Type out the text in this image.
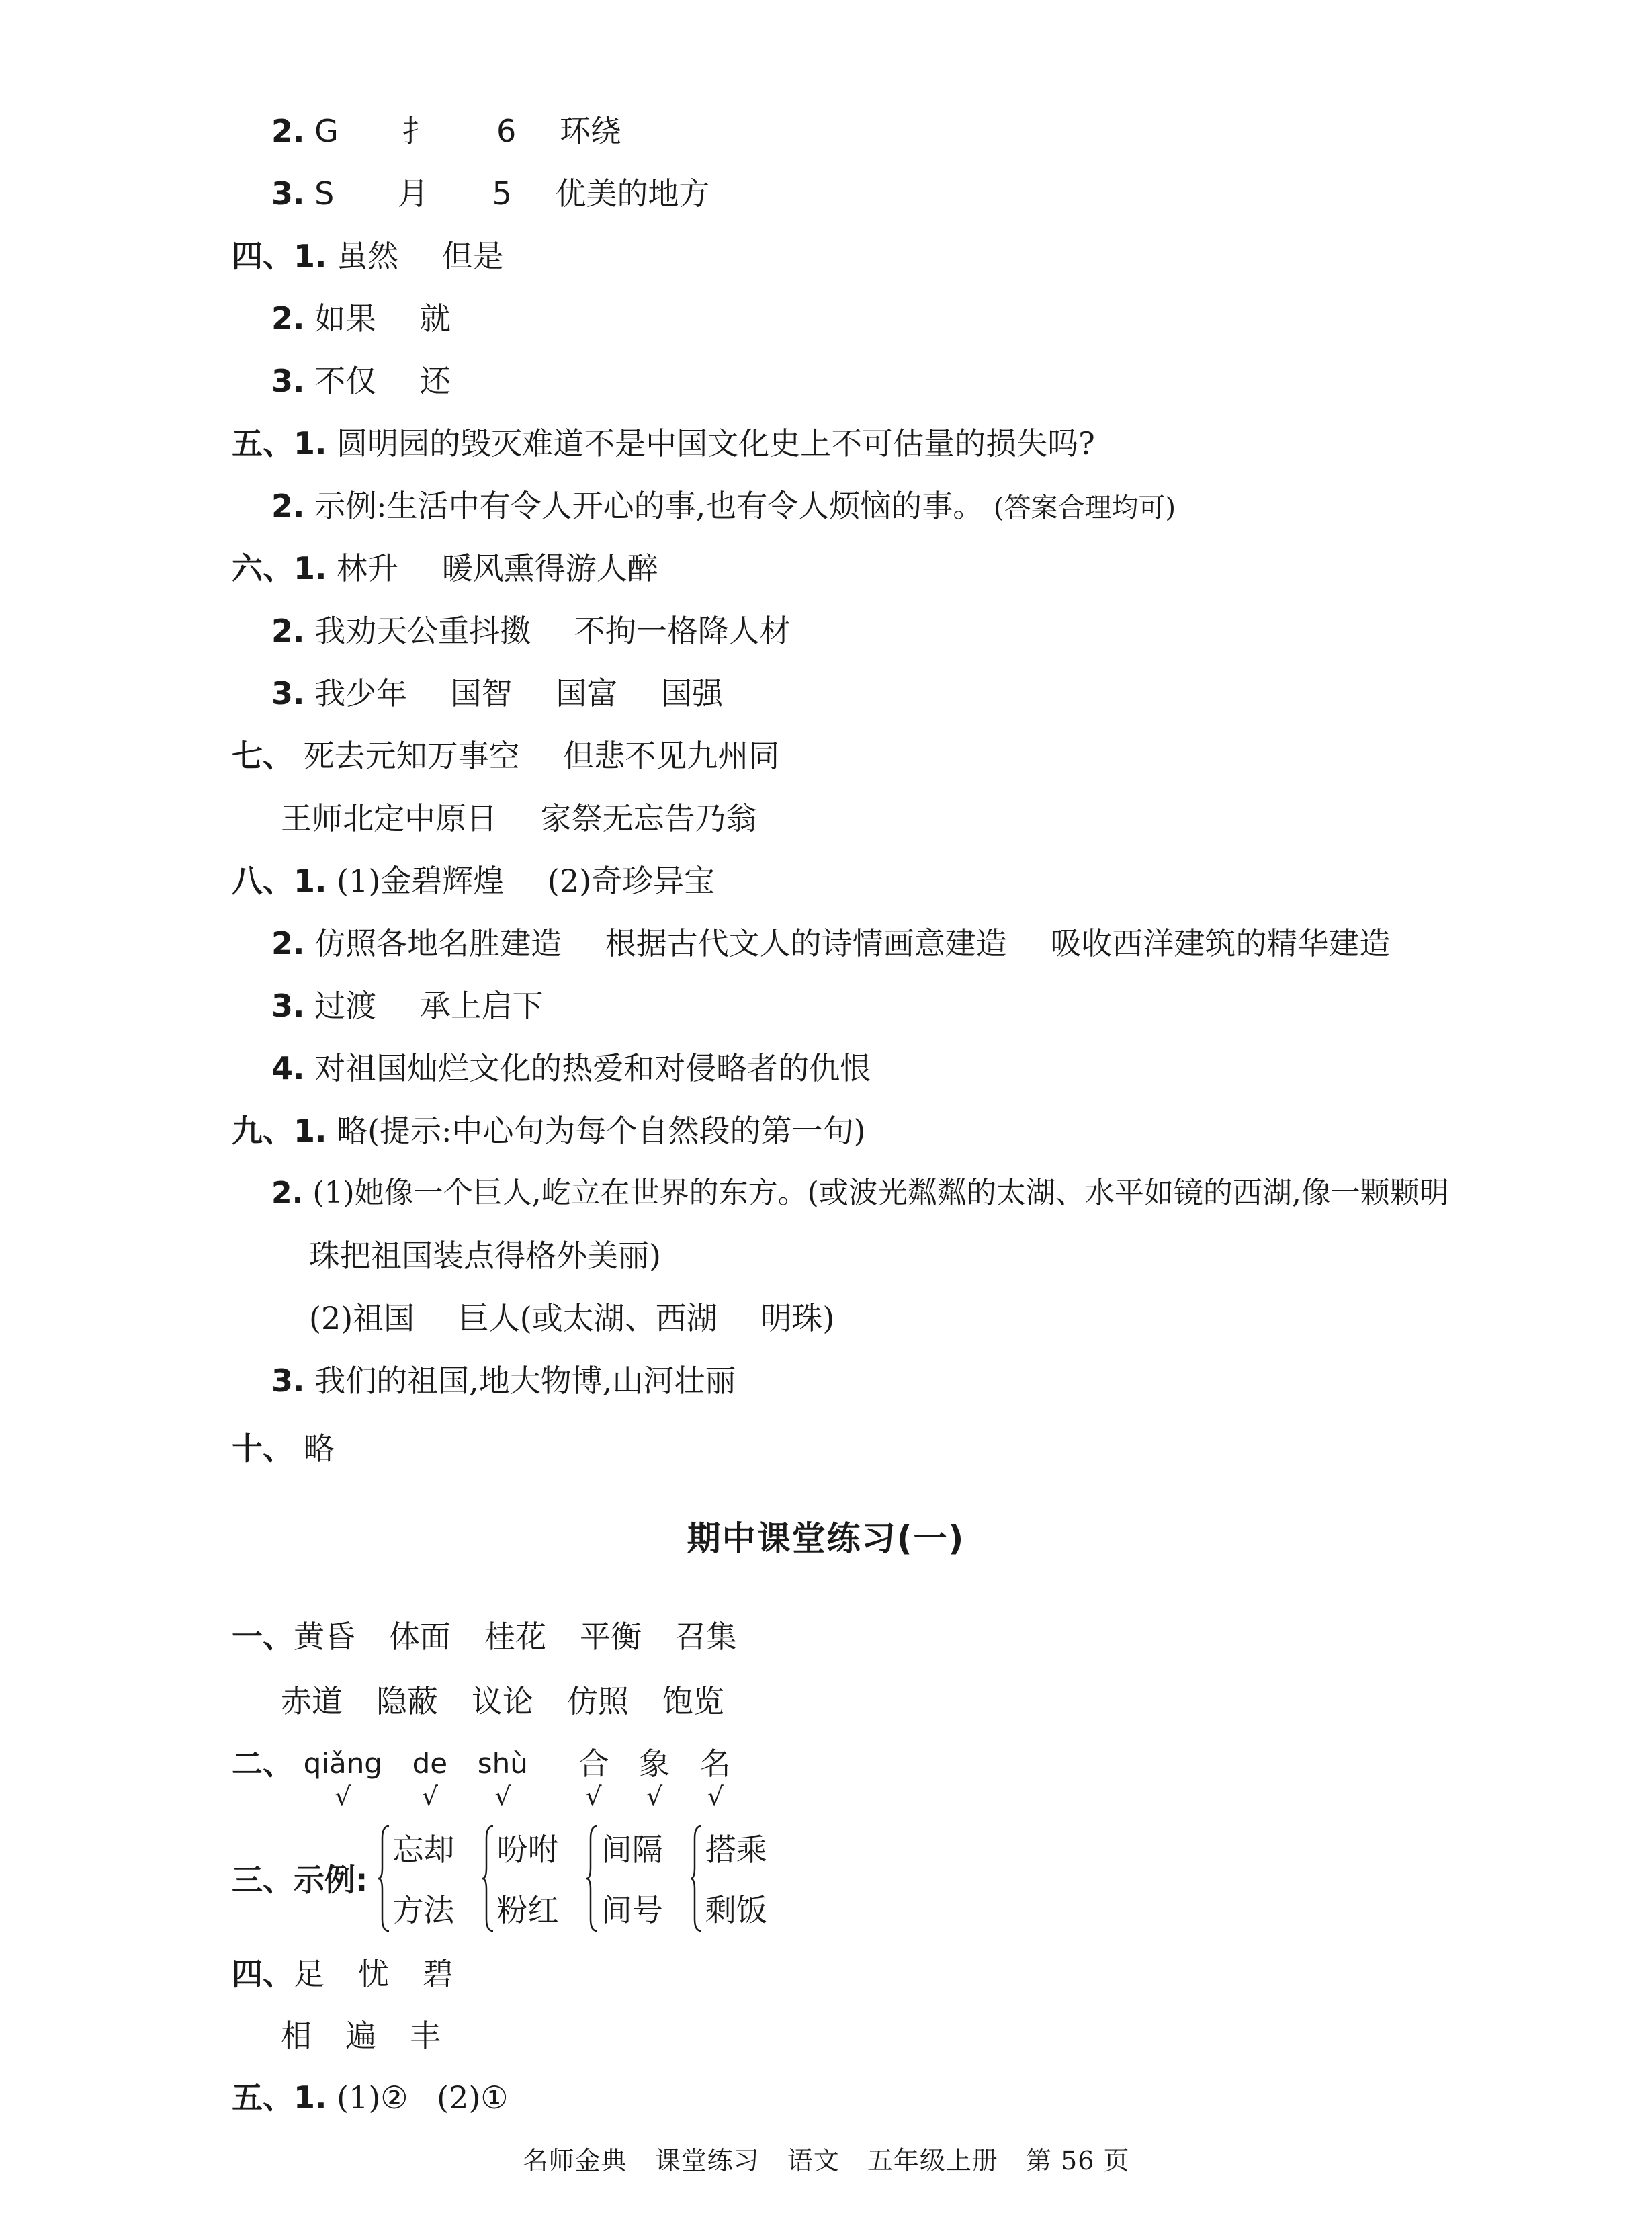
2. G 扌 6 环绕
3. S 月 5 优美的地方
四、1. 虽然 但是
2. 如果 就
3. 不仅 还
五、1. 圆明园的毁灭难道不是中国文化史上不可估量的损失吗?
2. 示例:生活中有令人开心的事,也有令人烦恼的事。 (答案合理均可)
六、1. 林升 暖风熏得游人醉
2. 我劝天公重抖擞 不拘一格降人材
3. 我少年 国智 国富 国强
七、 死去元知万事空 但悲不见九州同
王师北定中原日 家祭无忘告乃翁
八、1. (1)金碧辉煌 (2)奇珍异宝
2. 仿照各地名胜建造 根据古代文人的诗情画意建造 吸收西洋建筑的精华建造
3. 过渡 承上启下
4. 对祖国灿烂文化的热爱和对侵略者的仇恨
九、1. 略(提示:中心句为每个自然段的第一句)
2. (1)她像一个巨人,屹立在世界的东方。(或波光粼粼的太湖、水平如镜的西湖,像一颗颗明
珠把祖国装点得格外美丽)
(2)祖国 巨人(或太湖、西湖 明珠)
3. 我们的祖国,地大物博,山河壮丽
十、 略
期中课堂练习(一)
一、黄昏 体面 桂花 平衡 召集
赤道 隐蔽 议论 仿照 饱览
二、 qiǎng
√

de
√

shù
√

合
√

象
√

名
√
三、示例:
忘却
方法

吩咐
粉红

间隔
间号

搭乘
剩饭
四、足 忧 碧
相 遍 丰
五、1. (1)② (2)①
名师金典 课堂练习 语文 五年级上册 第 56 页
